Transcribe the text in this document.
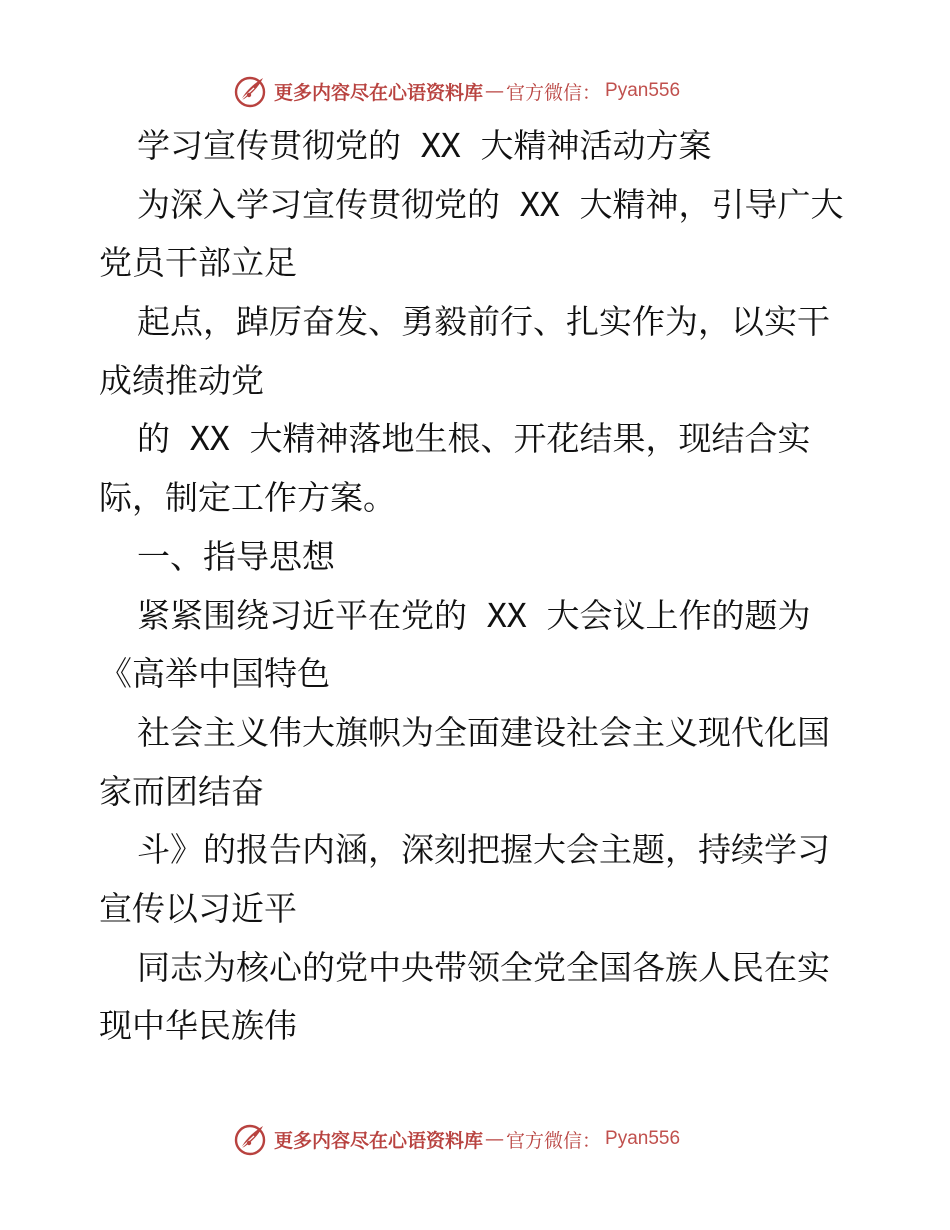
更多内容尽在心语资料库 — 官方微信： Pyan556
学习宣传贯彻党的 XX 大精神活动方案
为深入学习宣传贯彻党的 XX 大精神，引导广大
党员干部立足
起点，踔厉奋发、勇毅前行、扎实作为，以实干
成绩推动党
的 XX 大精神落地生根、开花结果，现结合实
际，制定工作方案。
一、指导思想
紧紧围绕习近平在党的 XX 大会议上作的题为
《高举中国特色
社会主义伟大旗帜为全面建设社会主义现代化国
家而团结奋
斗》的报告内涵，深刻把握大会主题，持续学习
宣传以习近平
同志为核心的党中央带领全党全国各族人民在实
现中华民族伟
更多内容尽在心语资料库 — 官方微信： Pyan556
